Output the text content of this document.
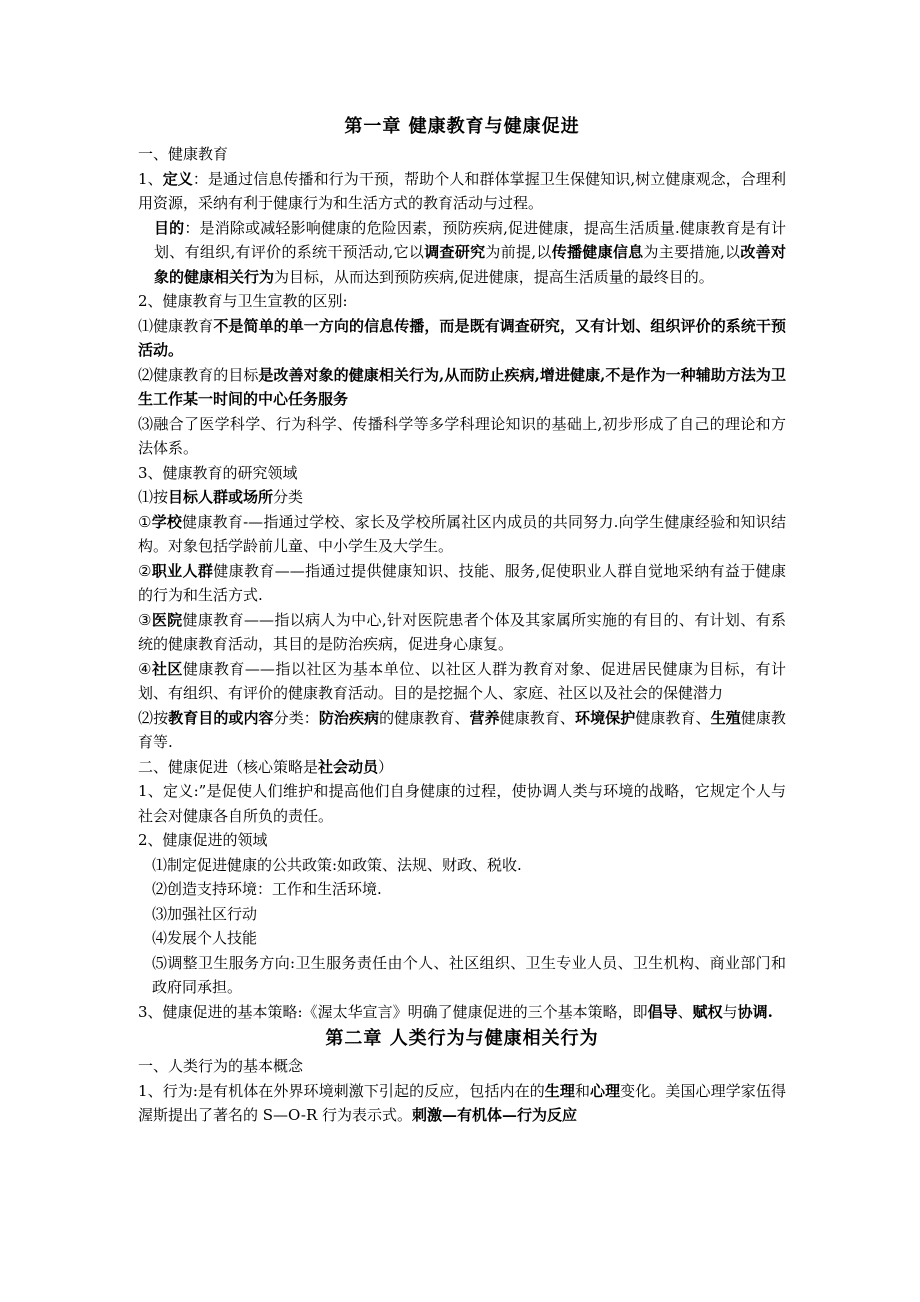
第一章 健康教育与健康促进

一、健康教育

1、定义：是通过信息传播和行为干预，帮助个人和群体掌握卫生保健知识,树立健康观念，合理利用资源，采纳有利于健康行为和生活方式的教育活动与过程。

目的：是消除或减轻影响健康的危险因素，预防疾病,促进健康，提高生活质量.健康教育是有计划、有组织,有评价的系统干预活动,它以调查研究为前提,以传播健康信息为主要措施,以改善对象的健康相关行为为目标，从而达到预防疾病,促进健康，提高生活质量的最终目的。

2、健康教育与卫生宣教的区别:

⑴健康教育不是简单的单一方向的信息传播，而是既有调查研究，又有计划、组织评价的系统干预活动。

⑵健康教育的目标是改善对象的健康相关行为,从而防止疾病,增进健康,不是作为一种辅助方法为卫生工作某一时间的中心任务服务

⑶融合了医学科学、行为科学、传播科学等多学科理论知识的基础上,初步形成了自己的理论和方法体系。

3、健康教育的研究领域

⑴按目标人群或场所分类

①学校健康教育-—指通过学校、家长及学校所属社区内成员的共同努力.向学生健康经验和知识结构。对象包括学龄前儿童、中小学生及大学生。

②职业人群健康教育——指通过提供健康知识、技能、服务,促使职业人群自觉地采纳有益于健康的行为和生活方式.

③医院健康教育——指以病人为中心,针对医院患者个体及其家属所实施的有目的、有计划、有系统的健康教育活动，其目的是防治疾病，促进身心康复。

④社区健康教育——指以社区为基本单位、以社区人群为教育对象、促进居民健康为目标，有计划、有组织、有评价的健康教育活动。目的是挖掘个人、家庭、社区以及社会的保健潜力

⑵按教育目的或内容分类：防治疾病的健康教育、营养健康教育、环境保护健康教育、生殖健康教育等.

二、健康促进（核心策略是社会动员）

1、定义:”是促使人们维护和提高他们自身健康的过程，使协调人类与环境的战略，它规定个人与社会对健康各自所负的责任。

2、健康促进的领域

⑴制定促进健康的公共政策:如政策、法规、财政、税收.

⑵创造支持环境：工作和生活环境.

⑶加强社区行动

⑷发展个人技能

⑸调整卫生服务方向:卫生服务责任由个人、社区组织、卫生专业人员、卫生机构、商业部门和政府同承担。

3、健康促进的基本策略:《渥太华宣言》明确了健康促进的三个基本策略，即倡导、赋权与协调.

第二章 人类行为与健康相关行为

一、人类行为的基本概念

1、行为:是有机体在外界环境刺激下引起的反应，包括内在的生理和心理变化。美国心理学家伍得渥斯提出了著名的 S—O-R 行为表示式。刺激—有机体—行为反应
